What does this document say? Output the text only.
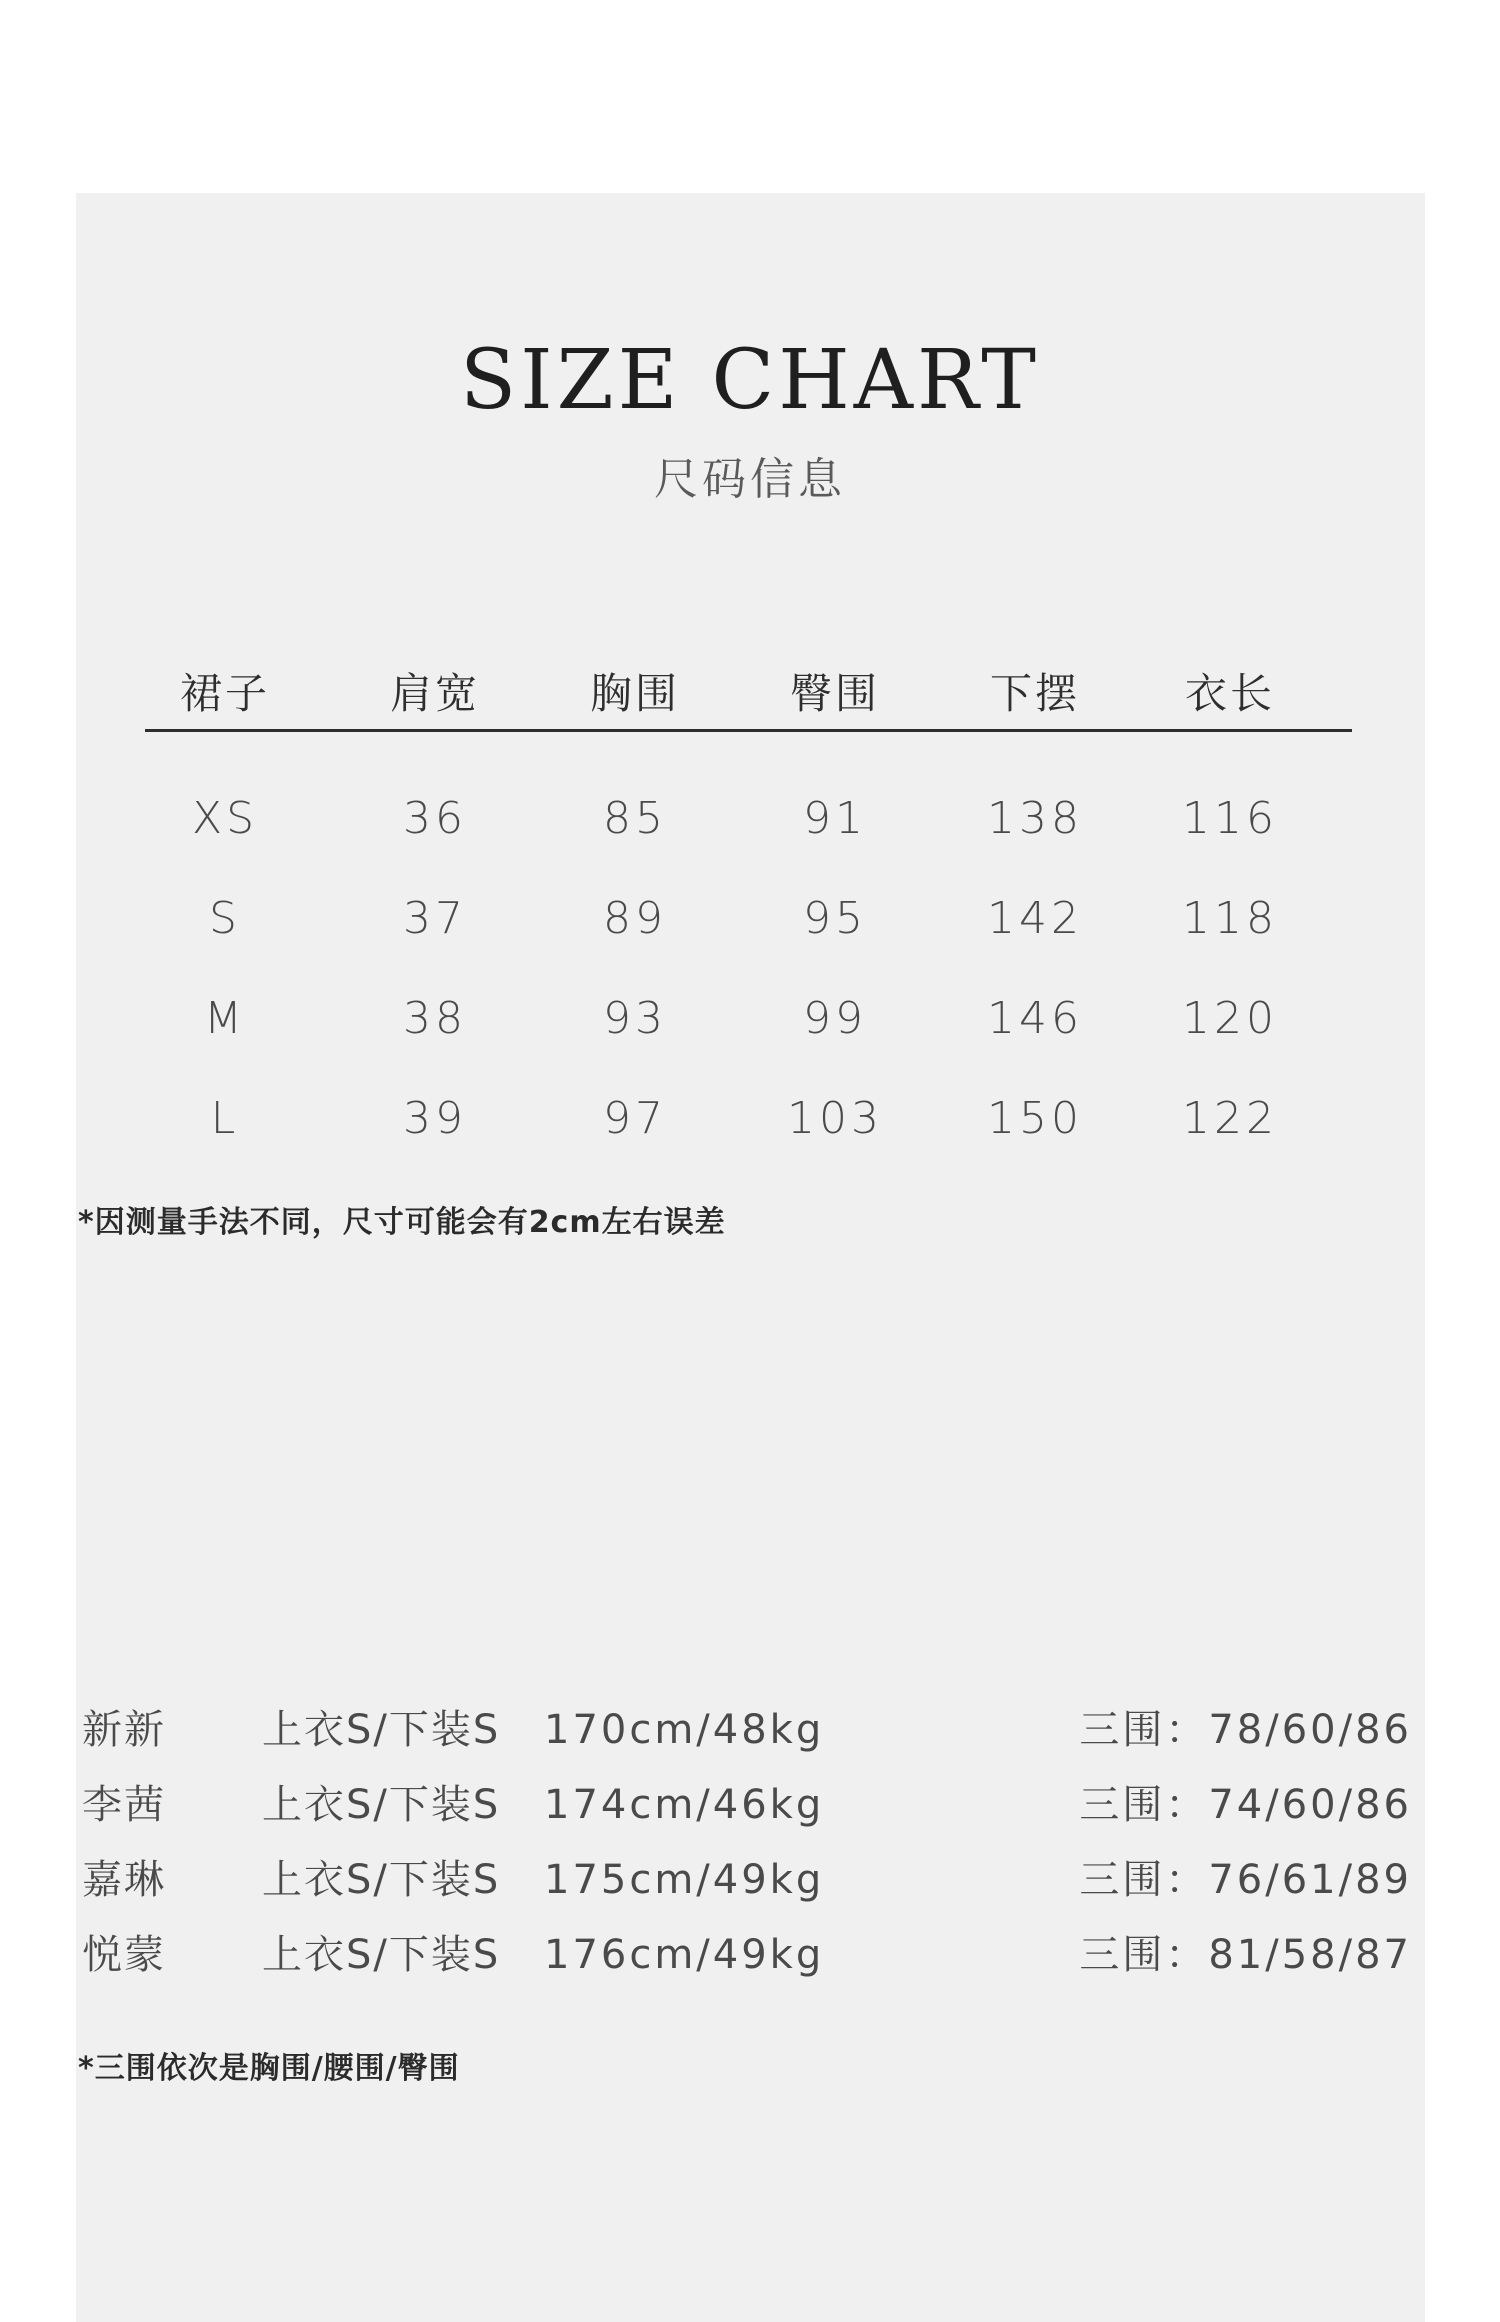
SIZE CHART
尺码信息
裙子	肩宽	胸围	臀围	下摆	衣长
XS	36	85	91	138	116
S	37	89	95	142	118
M	38	93	99	146	120
L	39	97	103	150	122
*因测量手法不同，尺寸可能会有2cm左右误差
新新 上衣S/下装S 170cm/48kg	三围：78/60/86
李茜 上衣S/下装S 174cm/46kg	三围：74/60/86
嘉琳 上衣S/下装S 175cm/49kg	三围：76/61/89
悦蒙 上衣S/下装S 176cm/49kg	三围：81/58/87
*三围依次是胸围/腰围/臀围
